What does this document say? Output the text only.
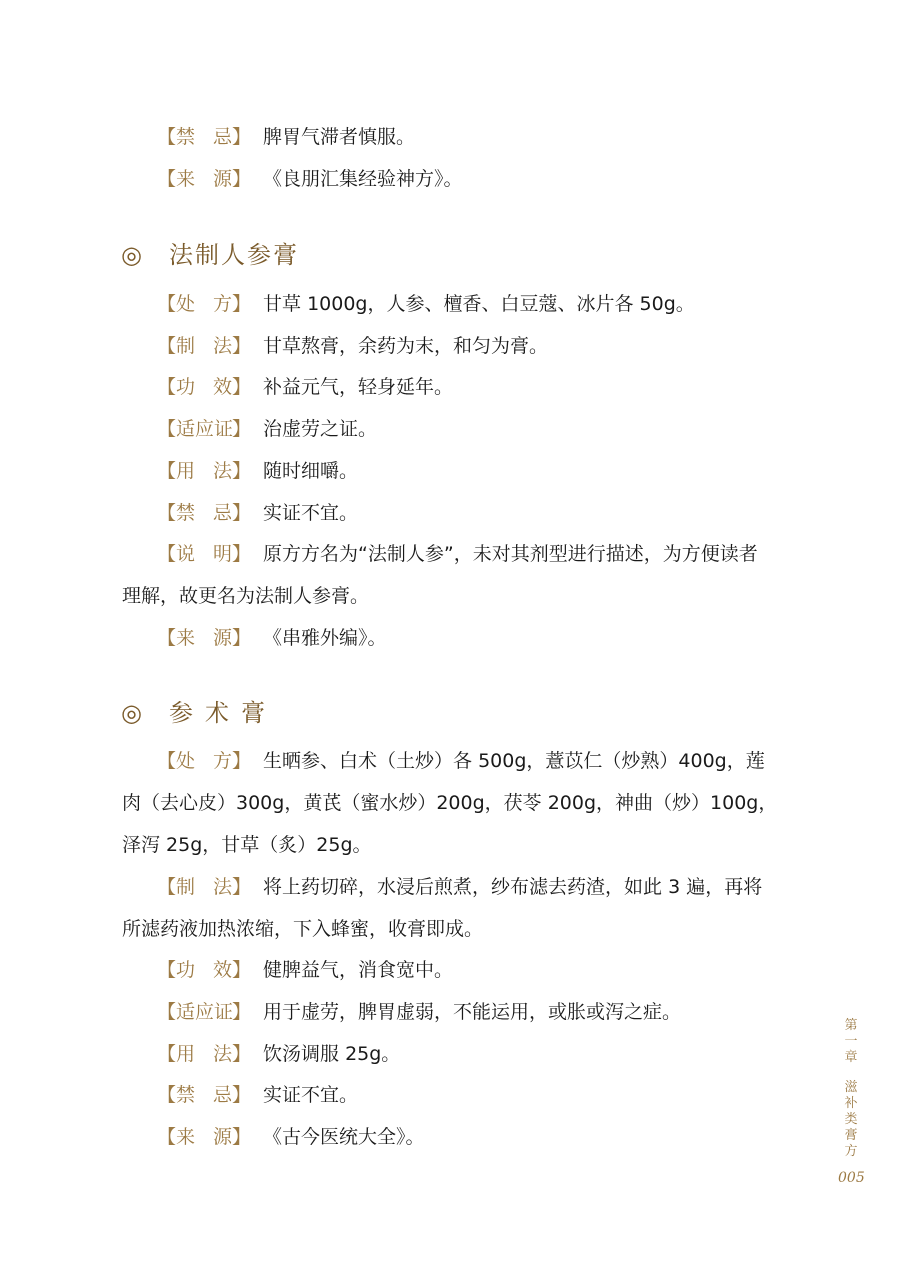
【禁 忌】 脾胃气滞者慎服。
【来 源】 《良朋汇集经验神方》。
◎ 法制人参膏
【处 方】 甘草 1000g，人参、檀香、白豆蔻、冰片各 50g。
【制 法】 甘草熬膏，余药为末，和匀为膏。
【功 效】 补益元气，轻身延年。
【适应证】 治虚劳之证。
【用 法】 随时细嚼。
【禁 忌】 实证不宜。
【说 明】 原方方名为“法制人参”，未对其剂型进行描述，为方便读者
理解，故更名为法制人参膏。
【来 源】 《串雅外编》。
◎ 参术膏
【处 方】 生晒参、白术（土炒）各 500g，薏苡仁（炒熟）400g，莲
肉（去心皮）300g，黄芪（蜜水炒）200g，茯苓 200g，神曲（炒）100g，
泽泻 25g，甘草（炙）25g。
【制 法】 将上药切碎，水浸后煎煮，纱布滤去药渣，如此 3 遍，再将
所滤药液加热浓缩，下入蜂蜜，收膏即成。
【功 效】 健脾益气，消食宽中。
【适应证】 用于虚劳，脾胃虚弱，不能运用，或胀或泻之症。
【用 法】 饮汤调服 25g。
【禁 忌】 实证不宜。
【来 源】 《古今医统大全》。
第
一
章
滋
补
类
膏
方
005
